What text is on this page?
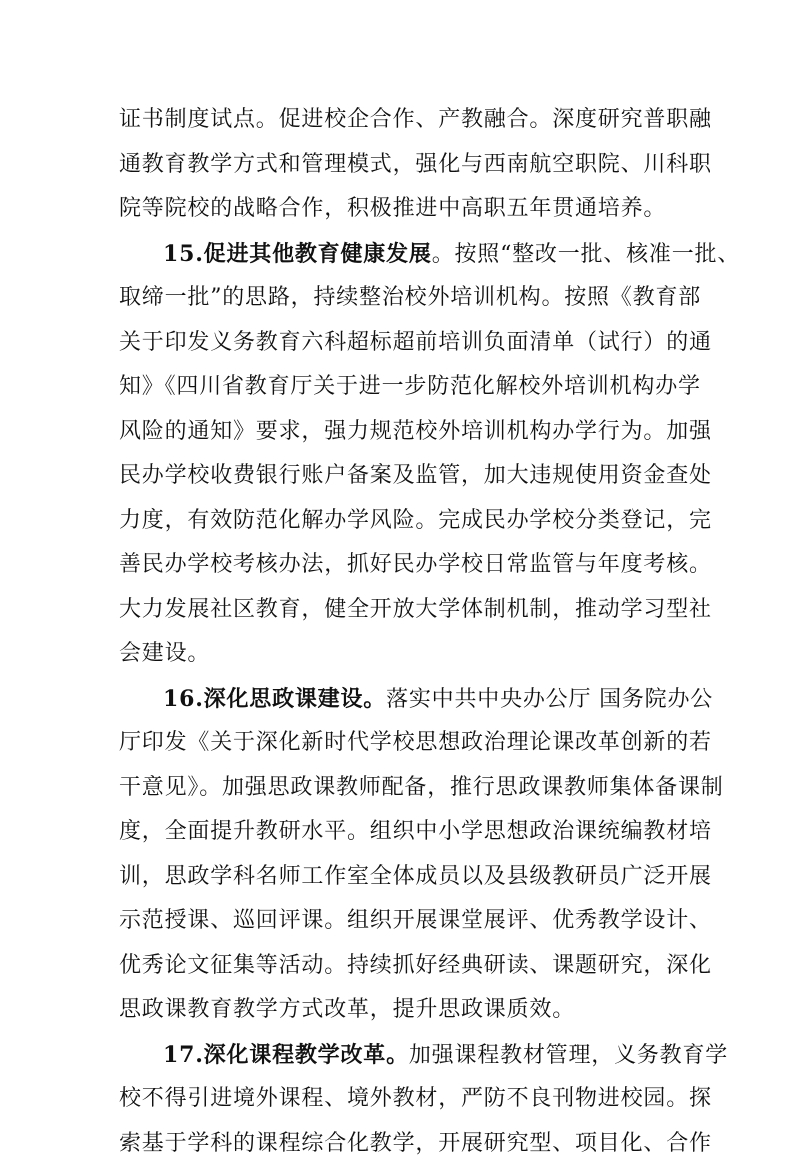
证书制度试点。促进校企合作、产教融合。深度研究普职融
通教育教学方式和管理模式，强化与西南航空职院、川科职
院等院校的战略合作，积极推进中高职五年贯通培养。
15.促进其他教育健康发展。按照“整改一批、核准一批、
取缔一批”的思路，持续整治校外培训机构。按照《教育部
关于印发义务教育六科超标超前培训负面清单（试行）的通
知》《四川省教育厅关于进一步防范化解校外培训机构办学
风险的通知》要求，强力规范校外培训机构办学行为。加强
民办学校收费银行账户备案及监管，加大违规使用资金查处
力度，有效防范化解办学风险。完成民办学校分类登记，完
善民办学校考核办法，抓好民办学校日常监管与年度考核。
大力发展社区教育，健全开放大学体制机制，推动学习型社
会建设。
16.深化思政课建设。落实中共中央办公厅 国务院办公
厅印发《关于深化新时代学校思想政治理论课改革创新的若
干意见》。加强思政课教师配备，推行思政课教师集体备课制
度，全面提升教研水平。组织中小学思想政治课统编教材培
训，思政学科名师工作室全体成员以及县级教研员广泛开展
示范授课、巡回评课。组织开展课堂展评、优秀教学设计、
优秀论文征集等活动。持续抓好经典研读、课题研究，深化
思政课教育教学方式改革，提升思政课质效。
17.深化课程教学改革。加强课程教材管理，义务教育学
校不得引进境外课程、境外教材，严防不良刊物进校园。探
索基于学科的课程综合化教学，开展研究型、项目化、合作
